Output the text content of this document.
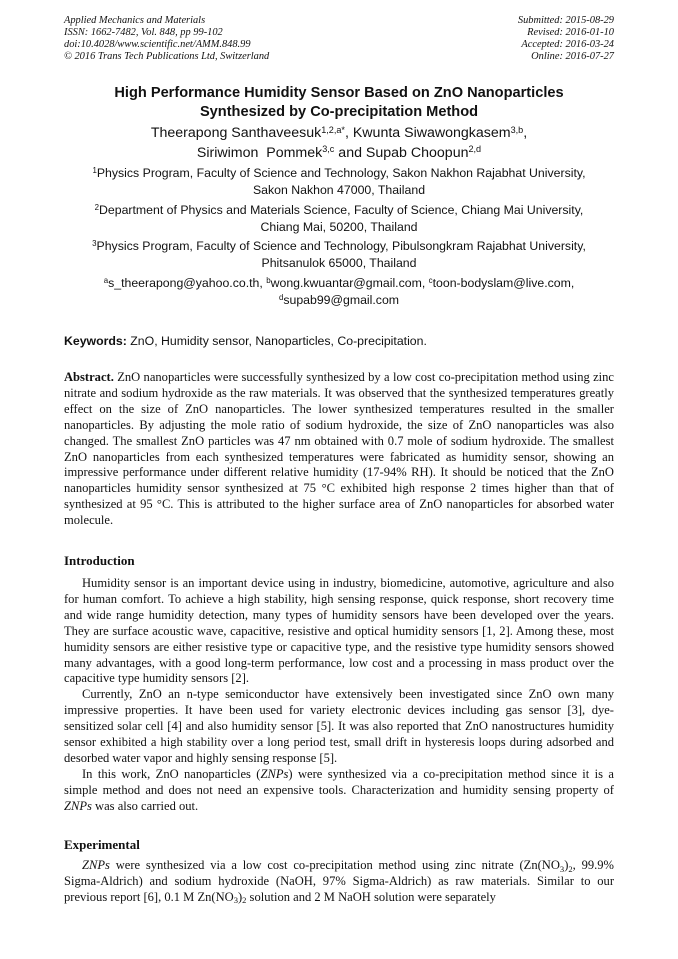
Applied Mechanics and Materials
ISSN: 1662-7482, Vol. 848, pp 99-102
doi:10.4028/www.scientific.net/AMM.848.99
© 2016 Trans Tech Publications Ltd, Switzerland
Submitted: 2015-08-29
Revised: 2016-01-10
Accepted: 2016-03-24
Online: 2016-07-27
High Performance Humidity Sensor Based on ZnO Nanoparticles
Synthesized by Co-precipitation Method
Theerapong Santhaveesuk$^{1,2,a*}$, Kwunta Siwawongkasem$^{3,b}$,
Siriwimon  Pommek$^{3,c}$ and Supab Choopun$^{2,d}$
$^1$Physics Program, Faculty of Science and Technology, Sakon Nakhon Rajabhat University,
Sakon Nakhon 47000, Thailand
$^2$Department of Physics and Materials Science, Faculty of Science, Chiang Mai University,
Chiang Mai, 50200, Thailand
$^3$Physics Program, Faculty of Science and Technology, Pibulsongkram Rajabhat University,
Phitsanulok 65000, Thailand
$^a$s_theerapong@yahoo.co.th, $^b$wong.kwuantar@gmail.com, $^c$toon-bodyslam@live.com,
$^d$supab99@gmail.com
Keywords: ZnO, Humidity sensor, Nanoparticles, Co-precipitation.

Abstract. ZnO nanoparticles were successfully synthesized by a low cost co-precipitation method using zinc nitrate and sodium hydroxide as the raw materials. It was observed that the synthesized temperatures greatly effect on the size of ZnO nanoparticles. The lower synthesized temperatures resulted in the smaller nanoparticles. By adjusting the mole ratio of sodium hydroxide, the size of ZnO nanoparticles was also changed. The smallest ZnO particles was 47 nm obtained with 0.7 mole of sodium hydroxide. The smallest ZnO nanoparticles from each synthesized temperatures were fabricated as humidity sensor, showing an impressive performance under different relative humidity (17-94% RH). It should be noticed that the ZnO nanoparticles humidity sensor synthesized at 75 °C exhibited high response 2 times higher than that of synthesized at 95 °C. This is attributed to the higher surface area of ZnO nanoparticles for absorbed water molecule.

Introduction

Humidity sensor is an important device using in industry, biomedicine, automotive, agriculture and also for human comfort. To achieve a high stability, high sensing response, quick response, short recovery time and wide range humidity detection, many types of humidity sensors have been developed over the years. They are surface acoustic wave, capacitive, resistive and optical humidity sensors [1, 2]. Among these, most humidity sensors are either resistive type or capacitive type, and the resistive type humidity sensors showed many advantages, with a good long-term performance, low cost and a processing in mass product over the capacitive type humidity sensors [2].

Currently, ZnO an n-type semiconductor have extensively been investigated since ZnO own many impressive properties. It have been used for variety electronic devices including gas sensor [3], dye-sensitized solar cell [4] and also humidity sensor [5]. It was also reported that ZnO nanostructures humidity sensor exhibited a high stability over a long period test, small drift in hysteresis loops during adsorbed and desorbed water vapor and highly sensing response [5].

In this work, ZnO nanoparticles (ZNPs) were synthesized via a co-precipitation method since it is a simple method and does not need an expensive tools. Characterization and humidity sensing property of ZNPs was also carried out.

Experimental

ZNPs were synthesized via a low cost co-precipitation method using zinc nitrate ($Zn(NO_3)_2$, 99.9% Sigma-Aldrich) and sodium hydroxide (NaOH, 97% Sigma-Aldrich) as raw materials. Similar to our previous report [6], 0.1 M $Zn(NO_3)_2$ solution and 2 M NaOH solution were separately
